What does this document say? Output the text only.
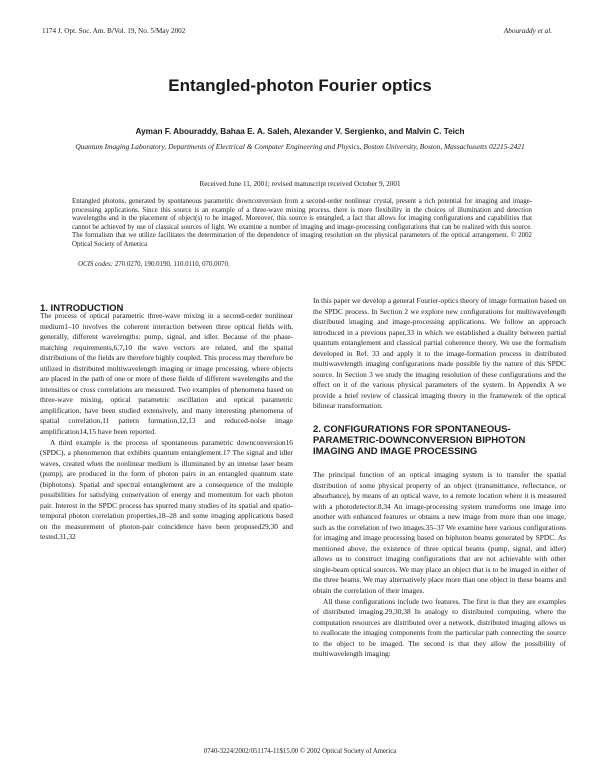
1174 J. Opt. Soc. Am. B/Vol. 19, No. 5/May 2002	Abouraddy et al.
Entangled-photon Fourier optics
Ayman F. Abouraddy, Bahaa E. A. Saleh, Alexander V. Sergienko, and Malvin C. Teich
Quantum Imaging Laboratory, Departments of Electrical & Computer Engineering and Physics, Boston University, Boston, Massachusetts 02215-2421
Received June 11, 2001; revised manuscript received October 9, 2001

Entangled photons, generated by spontaneous parametric downconversion from a second-order nonlinear crystal, present a rich potential for imaging and image-processing applications. Since this source is an example of a three-wave mixing process, there is more flexibility in the choices of illumination and detection wavelengths and in the placement of object(s) to be imaged. Moreover, this source is entangled, a fact that allows for imaging configurations and capabilities that cannot be achieved by use of classical sources of light. We examine a number of imaging and image-processing configurations that can be realized with this source. The formalism that we utilize facilitates the determination of the dependence of imaging resolution on the physical parameters of the optical arrangement. © 2002 Optical Society of America

OCIS codes: 270.0270, 190.0190, 110.0110, 070.0070.
1. INTRODUCTION

The process of optical parametric three-wave mixing in a second-order nonlinear medium1–10 involves the coherent interaction between three optical fields with, generally, different wavelengths: pump, signal, and idler. Because of the phase-matching requirements,6,7,10 the wave vectors are related, and the spatial distributions of the fields are therefore highly coupled. This process may therefore be utilized in distributed multiwavelength imaging or image processing, where objects are placed in the path of one or more of these fields of different wavelengths and the intensities or cross correlations are measured. Two examples of phenomena based on three-wave mixing, optical parametric oscillation and optical parametric amplification, have been studied extensively, and many interesting phenomena of spatial correlation,11 pattern formation,12,13 and reduced-noise image amplification14,15 have been reported.

A third example is the process of spontaneous parametric downconversion16 (SPDC), a phenomenon that exhibits quantum entanglement.17 The signal and idler waves, created when the nonlinear medium is illuminated by an intense laser beam (pump), are produced in the form of photon pairs in an entangled quantum state (biphotons). Spatial and spectral entanglement are a consequence of the multiple possibilities for satisfying conservation of energy and momentum for each photon pair. Interest in the SPDC process has spurred many studies of its spatial and spatio-temporal photon correlation properties,18–28 and some imaging applications based on the measurement of photon-pair coincidence have been proposed29,30 and tested.31,32

In this paper we develop a general Fourier-optics theory of image formation based on the SPDC process. In Section 2 we explore new configurations for multiwavelength distributed imaging and image-processing applications. We follow an approach introduced in a previous paper,33 in which we established a duality between partial quantum entanglement and classical partial coherence theory. We use the formalism developed in Ref. 33 and apply it to the image-formation process in distributed multiwavelength imaging configurations made possible by the nature of this SPDC source. In Section 3 we study the imaging resolution of these configurations and the effect on it of the various physical parameters of the system. In Appendix A we provide a brief review of classical imaging theory in the framework of the optical bilinear transformation.

2. CONFIGURATIONS FOR SPONTANEOUS-PARAMETRIC-DOWNCONVERSION BIPHOTON IMAGING AND IMAGE PROCESSING

The principal function of an optical imaging system is to transfer the spatial distribution of some physical property of an object (transmittance, reflectance, or absorbance), by means of an optical wave, to a remote location where it is measured with a photodetector.8,34 An image-processing system transforms one image into another with enhanced features or obtains a new image from more than one image, such as the correlation of two images.35–37 We examine here various configurations for imaging and image processing based on biphoton beams generated by SPDC. As mentioned above, the existence of three optical beams (pump, signal, and idler) allows us to construct imaging configurations that are not achievable with other single-beam optical sources. We may place an object that is to be imaged in either of the three beams. We may alternatively place more than one object in these beams and obtain the correlation of their images.

All these configurations include two features. The first is that they are examples of distributed imaging.29,30,38 In analogy to distributed computing, where the computation resources are distributed over a network, distributed imaging allows us to reallocate the imaging components from the particular path connecting the source to the object to be imaged. The second is that they allow the possibility of multiwavelength imaging:

0740-3224/2002/051174-11$15.00 © 2002 Optical Society of America
